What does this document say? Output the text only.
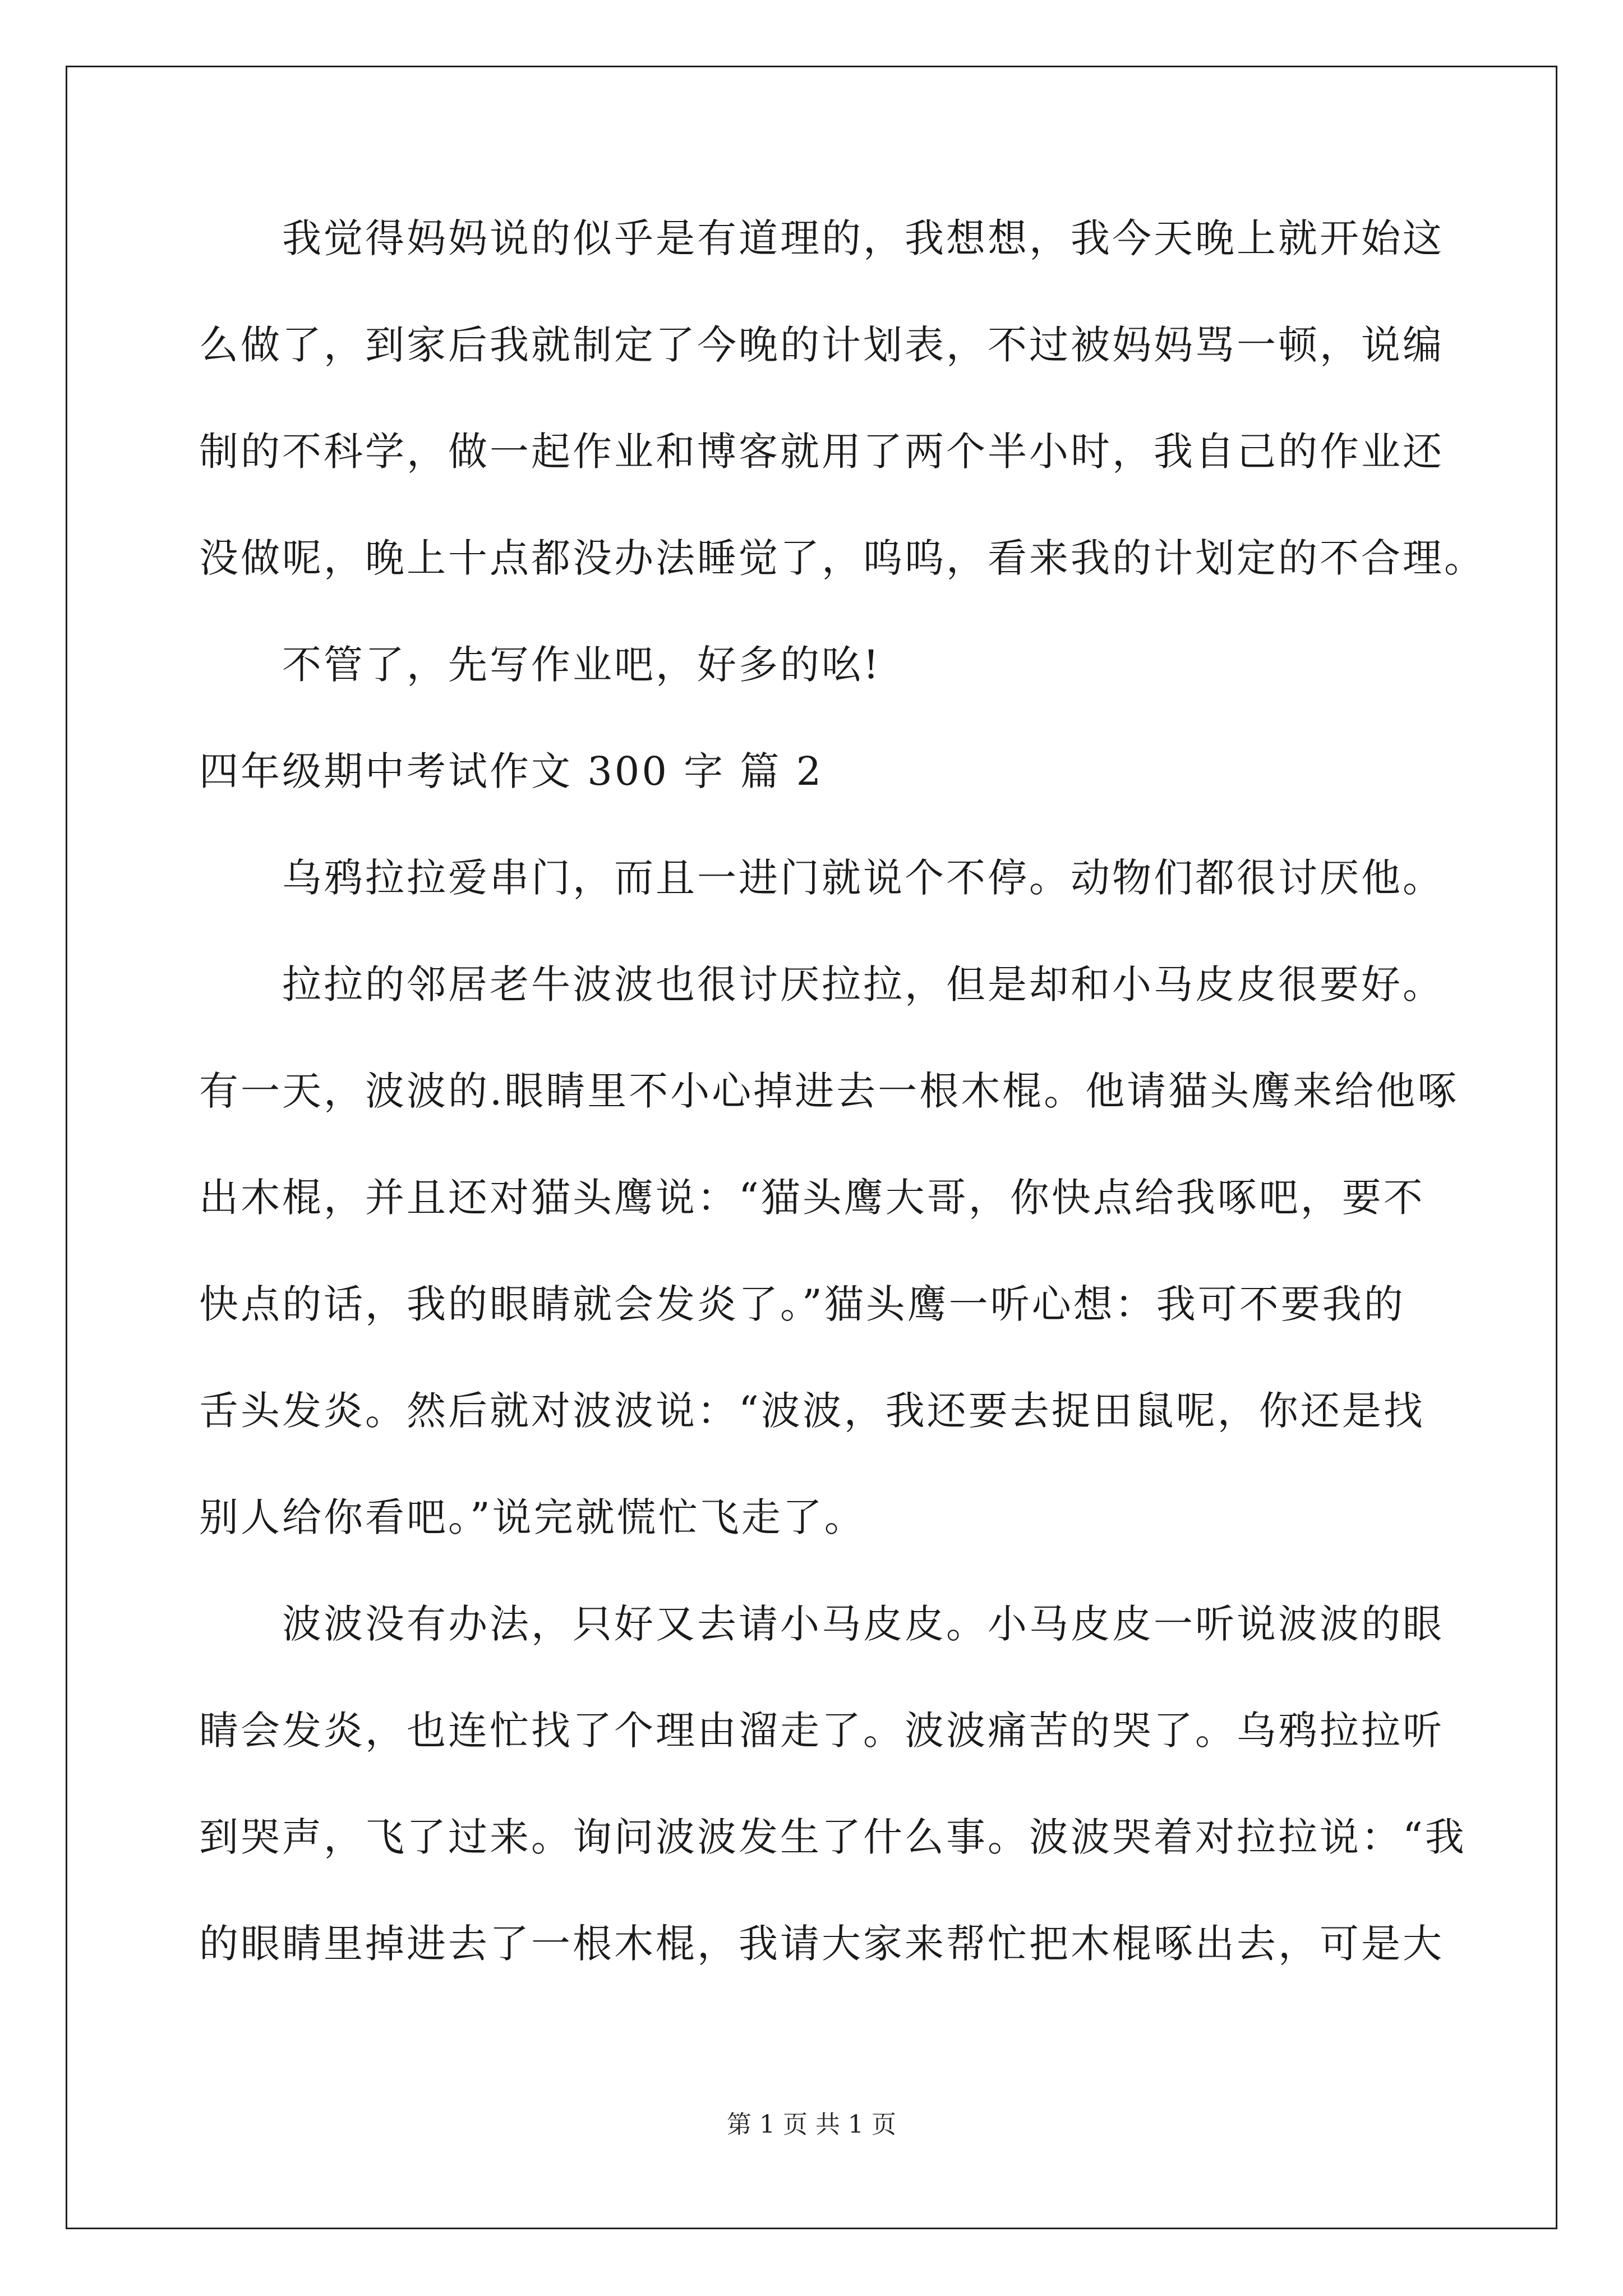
我觉得妈妈说的似乎是有道理的，我想想，我今天晚上就开始这
么做了，到家后我就制定了今晚的计划表，不过被妈妈骂一顿，说编
制的不科学，做一起作业和博客就用了两个半小时，我自己的作业还
没做呢，晚上十点都没办法睡觉了，呜呜，看来我的计划定的不合理。
不管了，先写作业吧，好多的吆!
四年级期中考试作文 300 字 篇 2
乌鸦拉拉爱串门，而且一进门就说个不停。动物们都很讨厌他。
拉拉的邻居老牛波波也很讨厌拉拉，但是却和小马皮皮很要好。
有一天，波波的.眼睛里不小心掉进去一根木棍。他请猫头鹰来给他啄
出木棍，并且还对猫头鹰说：“猫头鹰大哥，你快点给我啄吧，要不
快点的话，我的眼睛就会发炎了。”猫头鹰一听心想：我可不要我的
舌头发炎。然后就对波波说：“波波，我还要去捉田鼠呢，你还是找
别人给你看吧。”说完就慌忙飞走了。
波波没有办法，只好又去请小马皮皮。小马皮皮一听说波波的眼
睛会发炎，也连忙找了个理由溜走了。波波痛苦的哭了。乌鸦拉拉听
到哭声，飞了过来。询问波波发生了什么事。波波哭着对拉拉说：“我
的眼睛里掉进去了一根木棍，我请大家来帮忙把木棍啄出去，可是大
第 1 页 共 1 页
